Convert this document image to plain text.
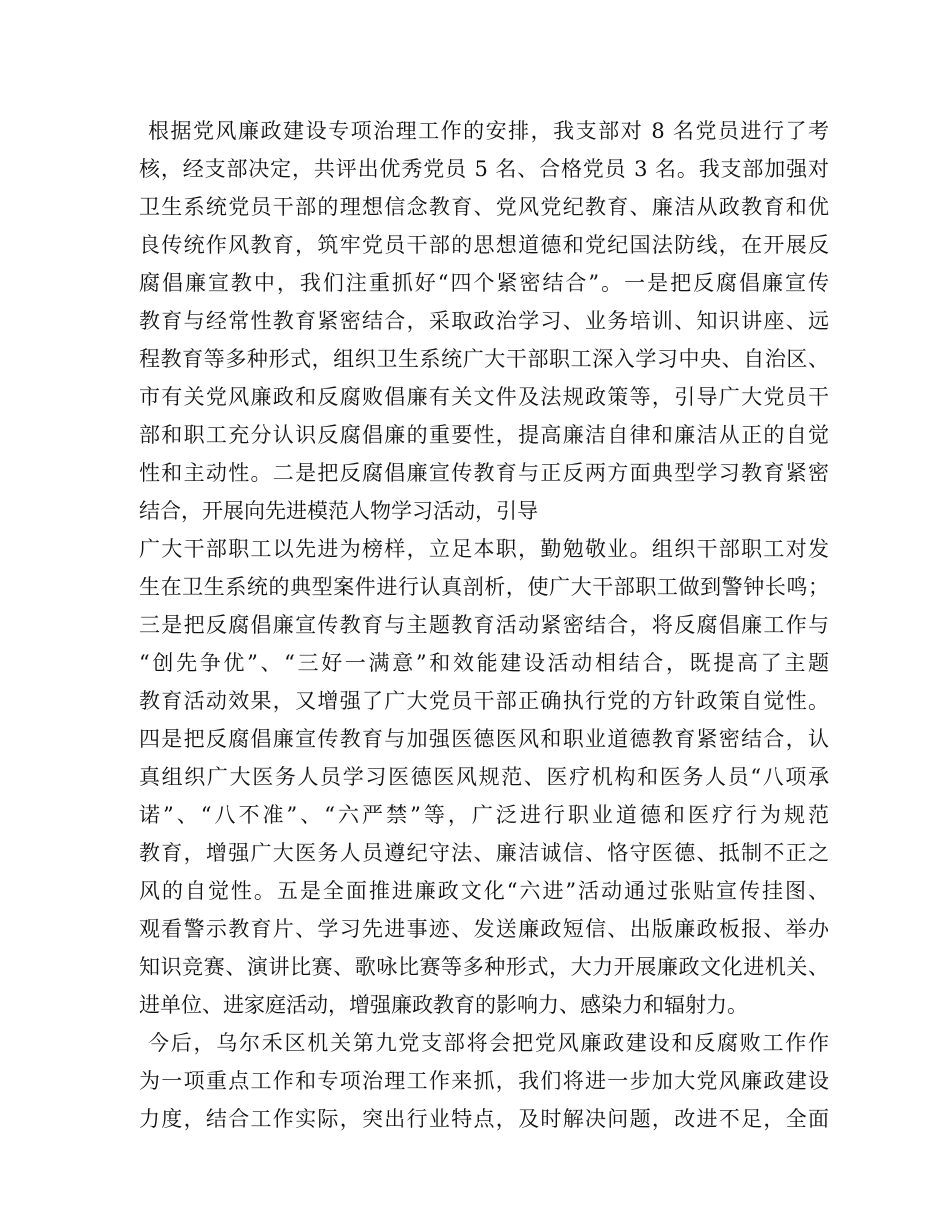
根据党风廉政建设专项治理工作的安排，我支部对 8 名党员进行了考
核，经支部决定，共评出优秀党员 5 名、合格党员 3 名。我支部加强对
卫生系统党员干部的理想信念教育、党风党纪教育、廉洁从政教育和优
良传统作风教育，筑牢党员干部的思想道德和党纪国法防线，在开展反
腐倡廉宣教中，我们注重抓好“四个紧密结合”。一是把反腐倡廉宣传
教育与经常性教育紧密结合，采取政治学习、业务培训、知识讲座、远
程教育等多种形式，组织卫生系统广大干部职工深入学习中央、自治区、
市有关党风廉政和反腐败倡廉有关文件及法规政策等，引导广大党员干
部和职工充分认识反腐倡廉的重要性，提高廉洁自律和廉洁从正的自觉
性和主动性。二是把反腐倡廉宣传教育与正反两方面典型学习教育紧密
结合，开展向先进模范人物学习活动，引导
广大干部职工以先进为榜样，立足本职，勤勉敬业。组织干部职工对发
生在卫生系统的典型案件进行认真剖析，使广大干部职工做到警钟长鸣；
三是把反腐倡廉宣传教育与主题教育活动紧密结合，将反腐倡廉工作与
“创先争优”、“三好一满意”和效能建设活动相结合，既提高了主题
教育活动效果，又增强了广大党员干部正确执行党的方针政策自觉性。
四是把反腐倡廉宣传教育与加强医德医风和职业道德教育紧密结合，认
真组织广大医务人员学习医德医风规范、医疗机构和医务人员“八项承
诺”、“八不准”、“六严禁”等，广泛进行职业道德和医疗行为规范
教育，增强广大医务人员遵纪守法、廉洁诚信、恪守医德、抵制不正之
风的自觉性。五是全面推进廉政文化“六进”活动通过张贴宣传挂图、
观看警示教育片、学习先进事迹、发送廉政短信、出版廉政板报、举办
知识竞赛、演讲比赛、歌咏比赛等多种形式，大力开展廉政文化进机关、
进单位、进家庭活动，增强廉政教育的影响力、感染力和辐射力。
今后，乌尔禾区机关第九党支部将会把党风廉政建设和反腐败工作作
为一项重点工作和专项治理工作来抓，我们将进一步加大党风廉政建设
力度，结合工作实际，突出行业特点，及时解决问题，改进不足，全面
